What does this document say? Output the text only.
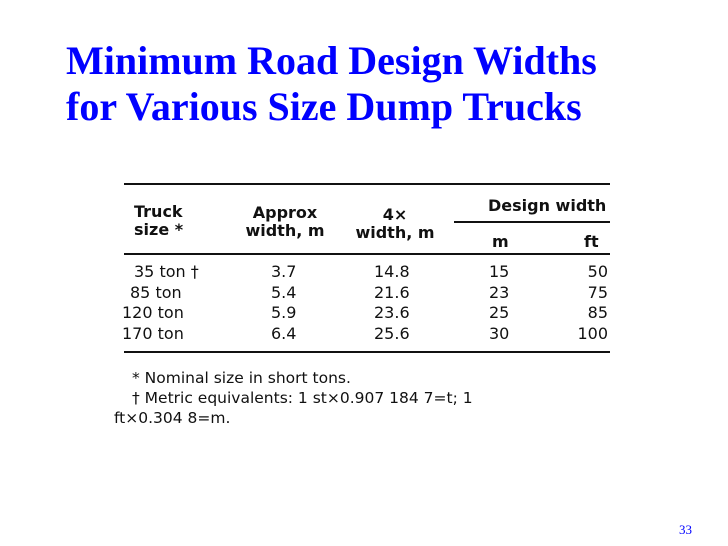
Minimum Road Design Widths
for Various Size Dump Trucks
Truck
size *
Approx
width, m
4×
width, m
Design width
m	ft
35 ton †
85 ton
120 ton
170 ton
3.7
5.4
5.9
6.4
14.8
21.6
23.6
25.6
15
23
25
30
50
75
85
100
* Nominal size in short tons.
† Metric equivalents: 1 st×0.907 184 7=t; 1
ft×0.304 8=m.
33
